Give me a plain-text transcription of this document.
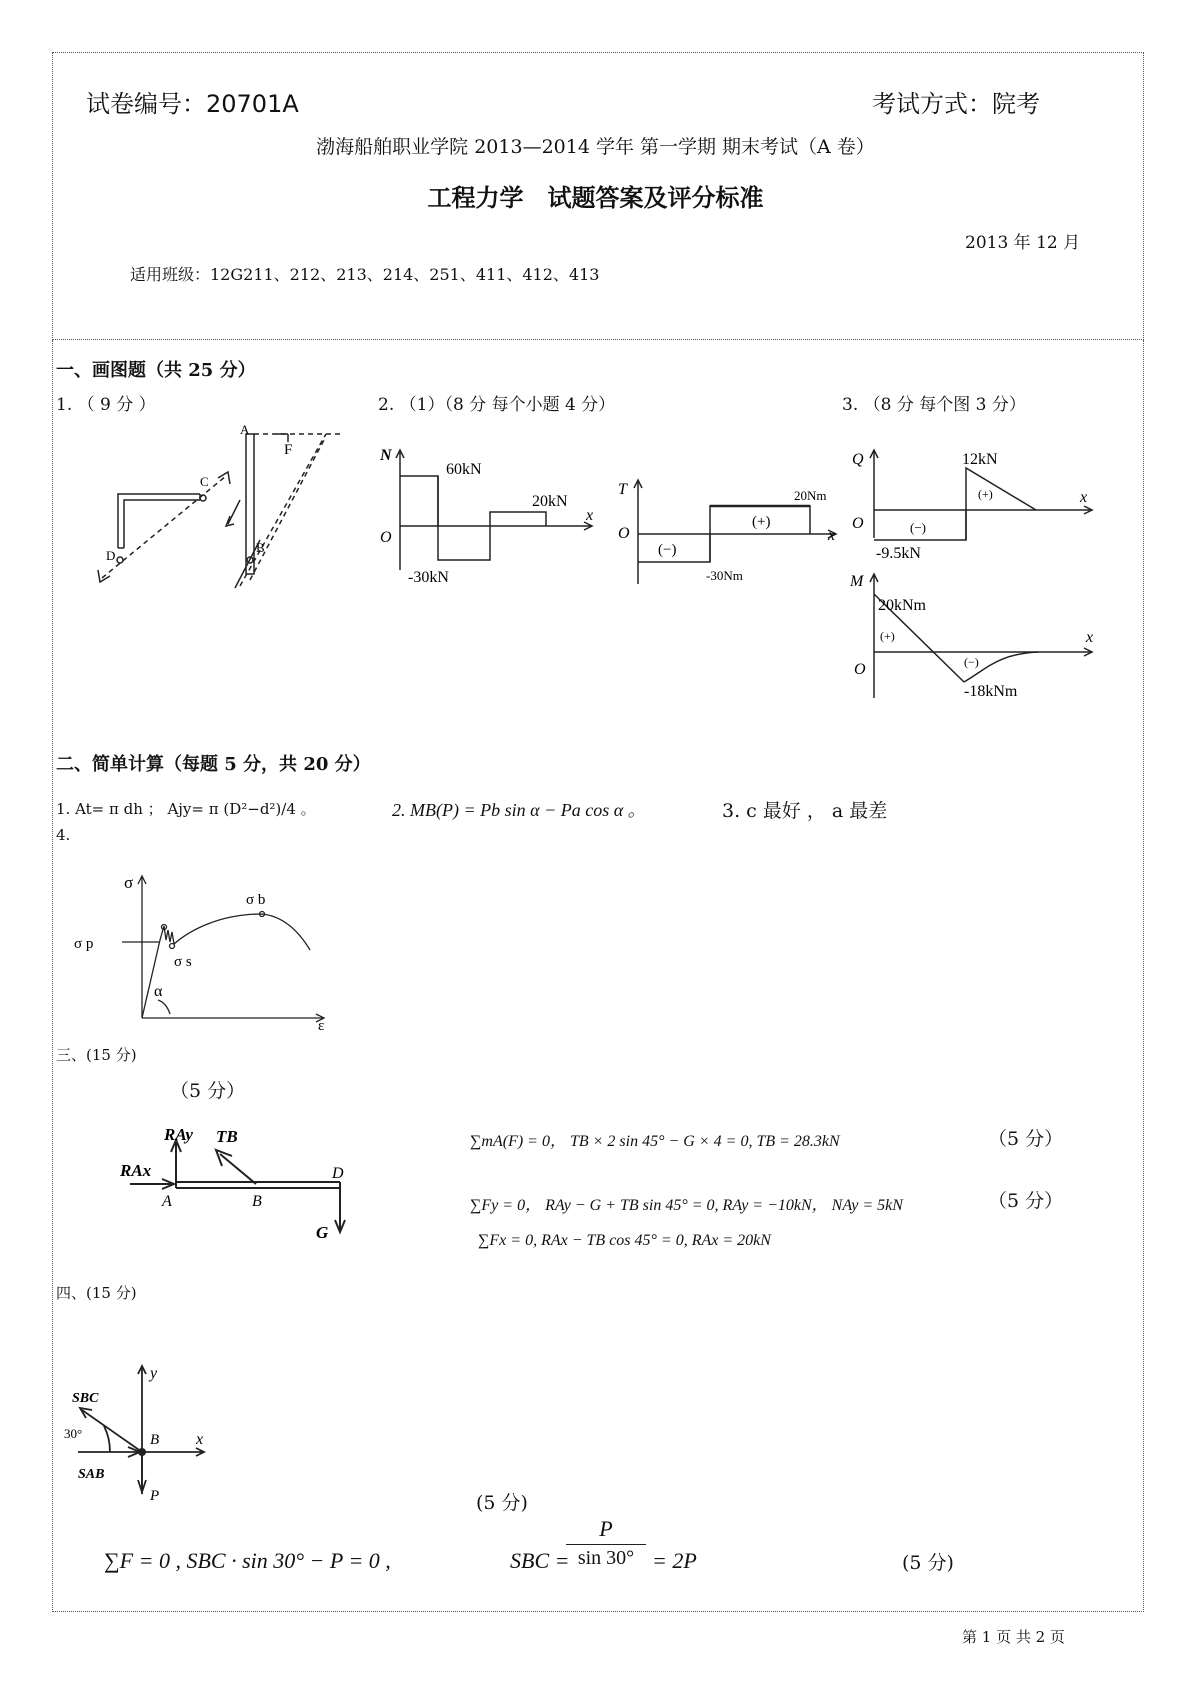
试卷编号：20701A	考试方式：院考
渤海船舶职业学院 2013—2014 学年 第一学期 期末考试（A 卷）
工程力学　试题答案及评分标准
2013 年 12 月
适用班级：12G211、212、213、214、251、411、412、413
一、画图题（共 25 分）
1. （ 9 分 ）	2. （1）（8 分 每个小题 4 分）	3. （8 分 每个图 3 分）
C
D
A
F
B
N
O
x
60kN
20kN
-30kN
T
O	x
20Nm
(+)
(−)
-30Nm
Q
O
x
12kN
(+)
(−)
-9.5kN
M
O
x
20kNm
(+)
(−)
-18kNm
二、简单计算（每题 5 分，共 20 分）
1. At= π dh ； Ajy= π (D²−d²)/4 。	2. MB(P) = Pb sin α − Pa cos α 。	3. c 最好 ， a 最差
4.
σ
σ b
σ p
σ s
α
ε
三、(15 分)
（5 分）
RAy TB
RAx
A	B
D
G
∑mA(F) = 0， TB × 2 sin 45° − G × 4 = 0, TB = 28.3kN	（5 分）
∑Fy = 0， RAy − G + TB sin 45° = 0, RAy = −10kN， NAy = 5kN	（5 分）
∑Fx = 0, RAx − TB cos 45° = 0, RAx = 20kN
四、(15 分)
y
x
SBC
SAB
30°	B
P	(5 分)
∑F = 0 , SBC · sin 30° − P = 0 ,	SBC =
$\frac{P}{\sin 30^\circ} = 2P$	(5 分)
第 1 页 共 2 页
